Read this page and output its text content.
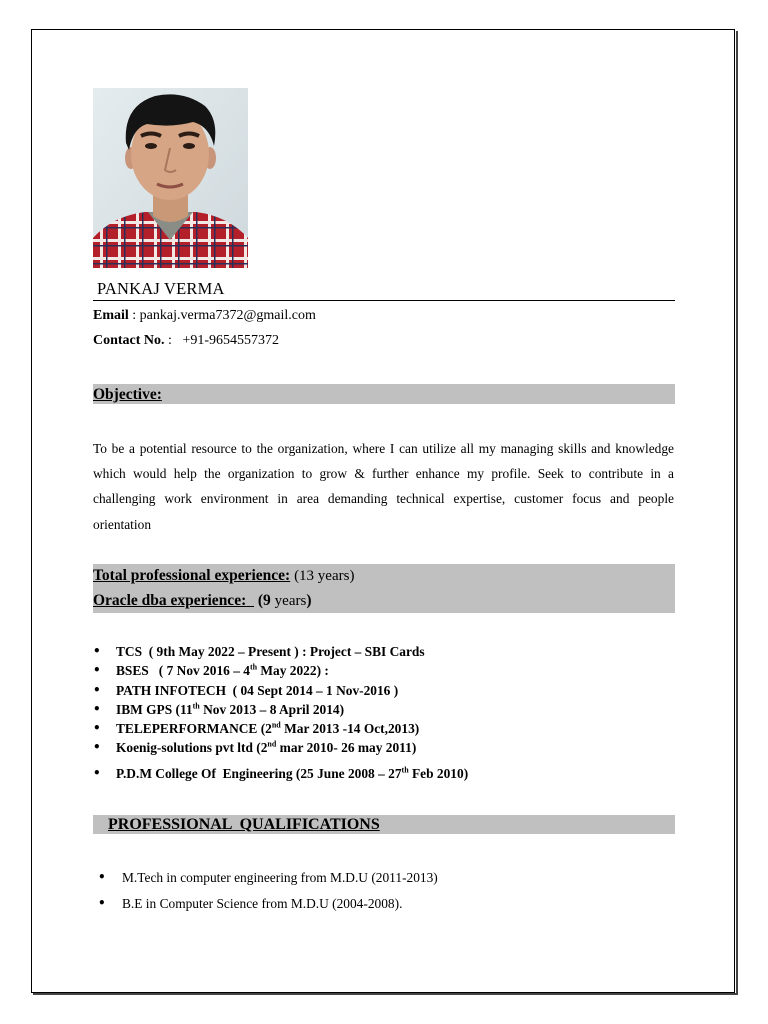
PANKAJ VERMA
Email : pankaj.verma7372@gmail.com
Contact No. :   +91-9654557372
Objective:
To be a potential resource to the organization, where I can utilize all my managing skills and knowledge which would help the organization to grow & further enhance my profile. Seek to contribute in a challenging work environment in area demanding technical expertise, customer focus and people orientation
Total professional experience: (13 years)
Oracle dba experience: (9 years)
• TCS  ( 9th May 2022 – Present ) : Project – SBI Cards
• BSES   ( 7 Nov 2016 – 4th May 2022) :
• PATH INFOTECH  ( 04 Sept 2014 – 1 Nov-2016 )
• IBM GPS (11th Nov 2013 – 8 April 2014)
• TELEPERFORMANCE (2nd Mar 2013 -14 Oct,2013)
• Koenig-solutions pvt ltd (2nd mar 2010- 26 may 2011)
• P.D.M College Of  Engineering (25 June 2008 – 27th Feb 2010)
PROFESSIONAL  QUALIFICATIONS
• M.Tech in computer engineering from M.D.U (2011-2013)
• B.E in Computer Science from M.D.U (2004-2008).
